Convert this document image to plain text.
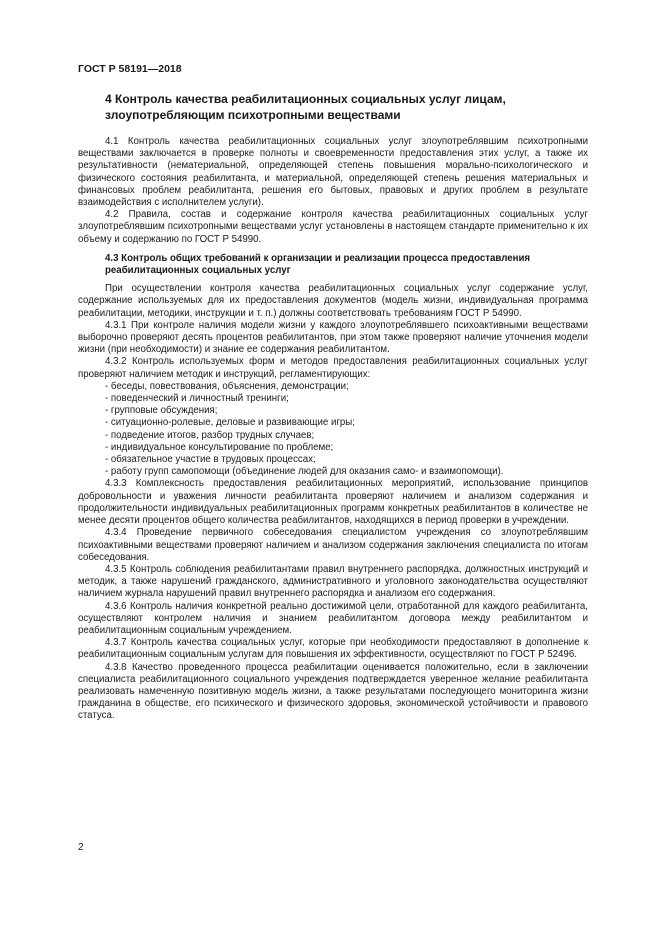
ГОСТ Р 58191—2018
4 Контроль качества реабилитационных социальных услуг лицам, злоупотребляющим психотропными веществами

4.1 Контроль качества реабилитационных социальных услуг злоупотреблявшим психотропными веществами заключается в проверке полноты и своевременности предоставления этих услуг, а также их результативности (нематериальной, определяющей степень повышения морально-психологического и физического состояния реабилитанта, и материальной, определяющей степень решения материальных и финансовых проблем реабилитанта, решения его бытовых, правовых и других проблем в результате взаимодействия с исполнителем услуги).

4.2 Правила, состав и содержание контроля качества реабилитационных социальных услуг злоупотреблявшим психотропными веществами услуг установлены в настоящем стандарте применительно к их объему и содержанию по ГОСТ Р 54990.

4.3 Контроль общих требований к организации и реализации процесса предоставления реабилитационных социальных услуг

При осуществлении контроля качества реабилитационных социальных услуг содержание услуг, содержание используемых для их предоставления документов (модель жизни, индивидуальная программа реабилитации, методики, инструкции и т. п.) должны соответствовать требованиям ГОСТ Р 54990.

4.3.1 При контроле наличия модели жизни у каждого злоупотреблявшего психоактивными веществами выборочно проверяют десять процентов реабилитантов, при этом также проверяют наличие уточнения модели жизни (при необходимости) и знание ее содержания реабилитантом.

4.3.2 Контроль используемых форм и методов предоставления реабилитационных социальных услуг проверяют наличием методик и инструкций, регламентирующих:

- беседы, повествования, объяснения, демонстрации;
- поведенческий и личностный тренинги;
- групповые обсуждения;
- ситуационно-ролевые, деловые и развивающие игры;
- подведение итогов, разбор трудных случаев;
- индивидуальное консультирование по проблеме;
- обязательное участие в трудовых процессах;
- работу групп самопомощи (объединение людей для оказания само- и взаимопомощи).

4.3.3 Комплексность предоставления реабилитационных мероприятий, использование принципов добровольности и уважения личности реабилитанта проверяют наличием и анализом содержания и продолжительности индивидуальных реабилитационных программ конкретных реабилитантов в количестве не менее десяти процентов общего количества реабилитантов, находящихся в период проверки в учреждении.

4.3.4 Проведение первичного собеседования специалистом учреждения со злоупотреблявшим психоактивными веществами проверяют наличием и анализом содержания заключения специалиста по итогам собеседования.

4.3.5 Контроль соблюдения реабилитантами правил внутреннего распорядка, должностных инструкций и методик, а также нарушений гражданского, административного и уголовного законодательства осуществляют наличием журнала нарушений правил внутреннего распорядка и анализом его содержания.

4.3.6 Контроль наличия конкретной реально достижимой цели, отработанной для каждого реабилитанта, осуществляют контролем наличия и знанием реабилитантом договора между реабилитантом и реабилитационным социальным учреждением.

4.3.7 Контроль качества социальных услуг, которые при необходимости предоставляют в дополнение к реабилитационным социальным услугам для повышения их эффективности, осуществляют по ГОСТ Р 52496.

4.3.8 Качество проведенного процесса реабилитации оценивается положительно, если в заключении специалиста реабилитационного социального учреждения подтверждается уверенное желание реабилитанта реализовать намеченную позитивную модель жизни, а также результатами последующего мониторинга жизни гражданина в обществе, его психического и физического здоровья, экономической устойчивости и правового статуса.

2
